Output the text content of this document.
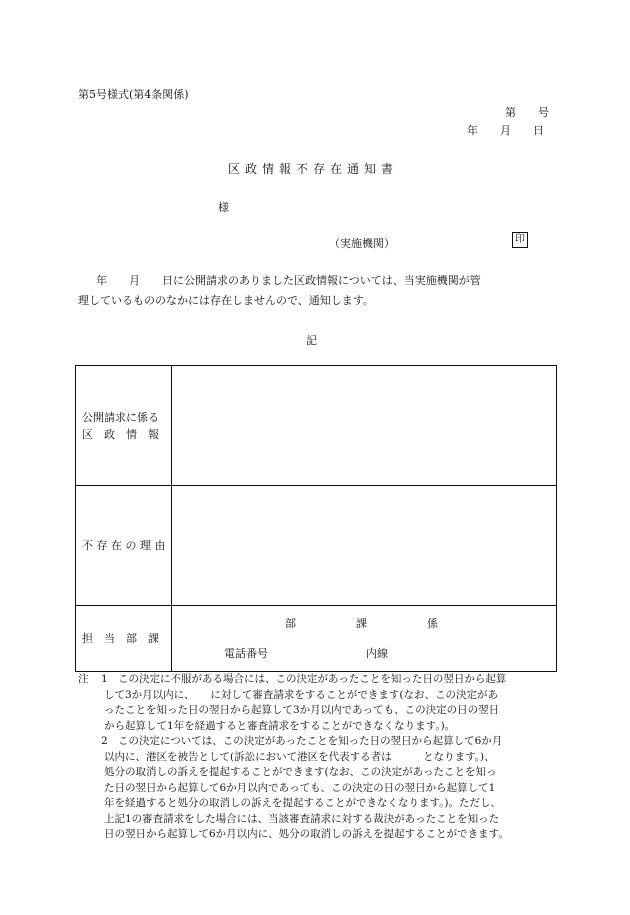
第5号様式(第4条関係)
第　　号
年　　月　　日
区政情報不存在通知書
様
（実施機関）	印
年　　月　　日に公開請求のありました区政情報については、当実施機関が管
理しているもののなかには存在しませんので、通知します。
記
公開請求に係る
区　政　情　報	

不 存 在 の 理 由	

担　当　部　課	部 課 係
電話番号 内線
注 1 この決定に不服がある場合には、この決定があったことを知った日の翌日から起算
して3か月以内に、　　に対して審査請求をすることができます(なお、この決定があ
ったことを知った日の翌日から起算して3か月以内であっても、この決定の日の翌日
から起算して1年を経過すると審査請求をすることができなくなります。)。
2 この決定については、この決定があったことを知った日の翌日から起算して6か月
以内に、港区を被告として(訴訟において港区を代表する者は　　　となります。)、
処分の取消しの訴えを提起することができます(なお、この決定があったことを知っ
た日の翌日から起算して6か月以内であっても、この決定の日の翌日から起算して1
年を経過すると処分の取消しの訴えを提起することができなくなります。)。ただし、
上記1の審査請求をした場合には、当該審査請求に対する裁決があったことを知った
日の翌日から起算して6か月以内に、処分の取消しの訴えを提起することができます。
